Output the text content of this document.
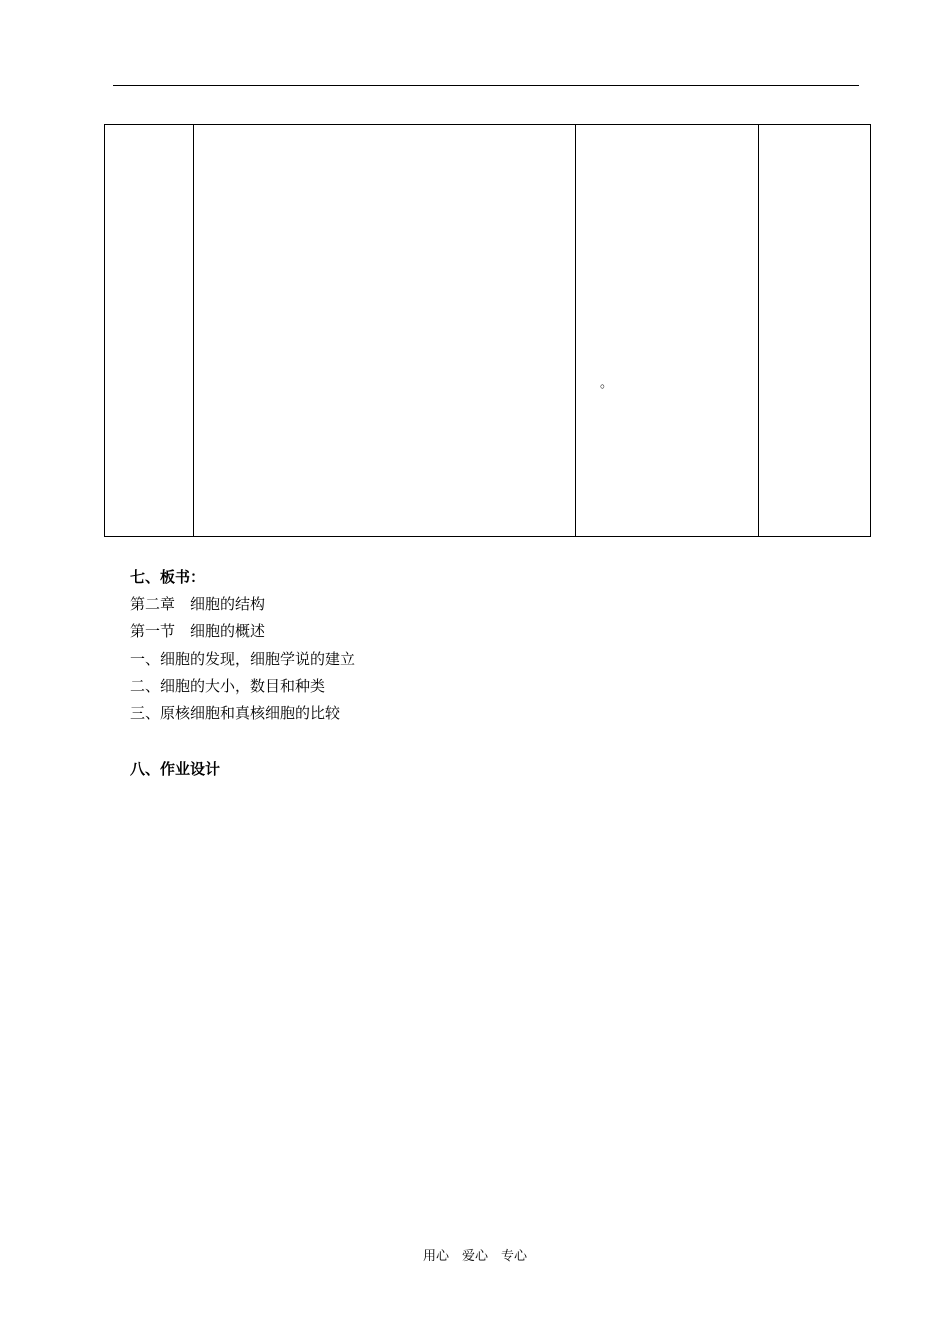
。

七、板书：
第二章　细胞的结构
第一节　细胞的概述
一、细胞的发现，细胞学说的建立
二、细胞的大小，数目和种类
三、原核细胞和真核细胞的比较
八、作业设计
用心　爱心　专心
